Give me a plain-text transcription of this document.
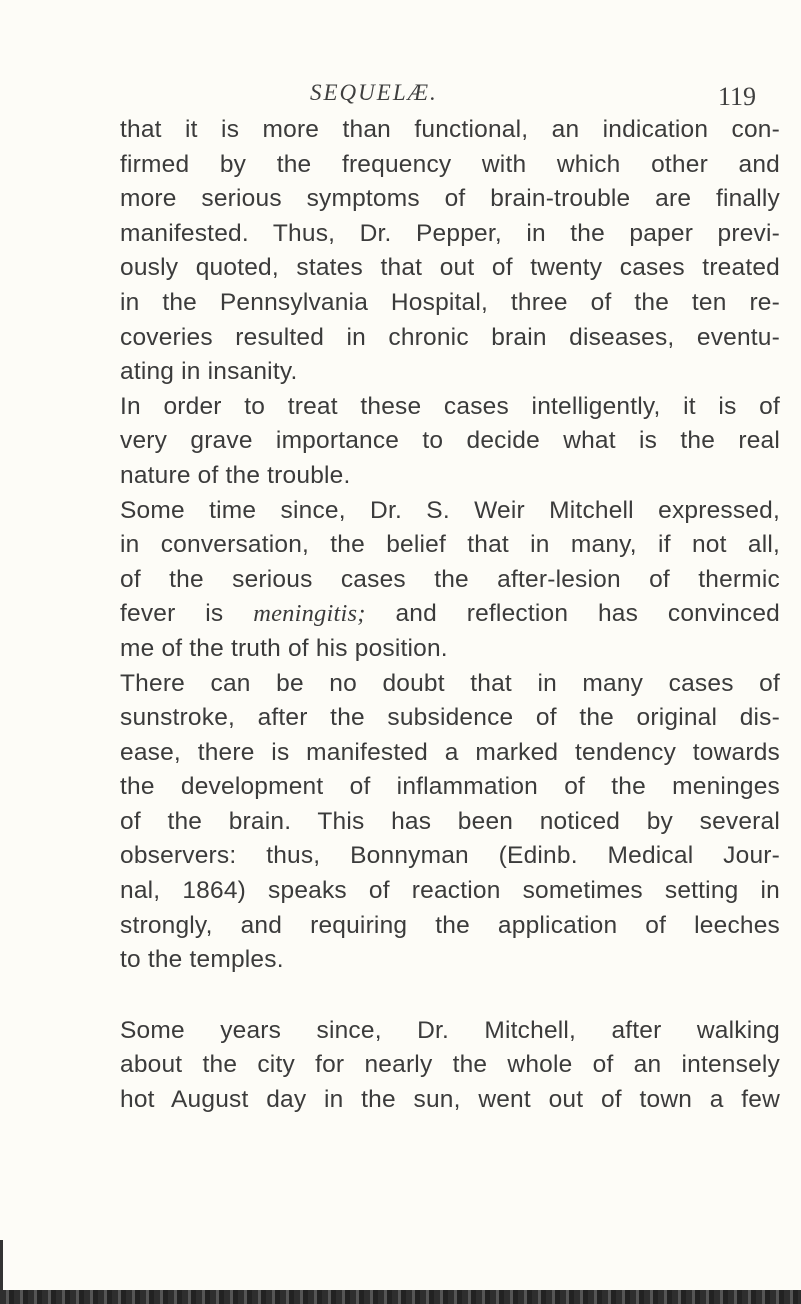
SEQUELÆ.	119
that it is more than functional, an indication con-
firmed by the frequency with which other and
more serious symptoms of brain-trouble are finally
manifested. Thus, Dr. Pepper, in the paper previ-
ously quoted, states that out of twenty cases treated
in the Pennsylvania Hospital, three of the ten re-
coveries resulted in chronic brain diseases, eventu-
ating in insanity.
In order to treat these cases intelligently, it is of
very grave importance to decide what is the real
nature of the trouble.
Some time since, Dr. S. Weir Mitchell expressed,
in conversation, the belief that in many, if not all,
of the serious cases the after-lesion of thermic
fever is meningitis; and reflection has convinced
me of the truth of his position.
There can be no doubt that in many cases of
sunstroke, after the subsidence of the original dis-
ease, there is manifested a marked tendency towards
the development of inflammation of the meninges
of the brain. This has been noticed by several
observers: thus, Bonnyman (Edinb. Medical Jour-
nal, 1864) speaks of reaction sometimes setting in
strongly, and requiring the application of leeches
to the temples.
Some years since, Dr. Mitchell, after walking
about the city for nearly the whole of an intensely
hot August day in the sun, went out of town a few
